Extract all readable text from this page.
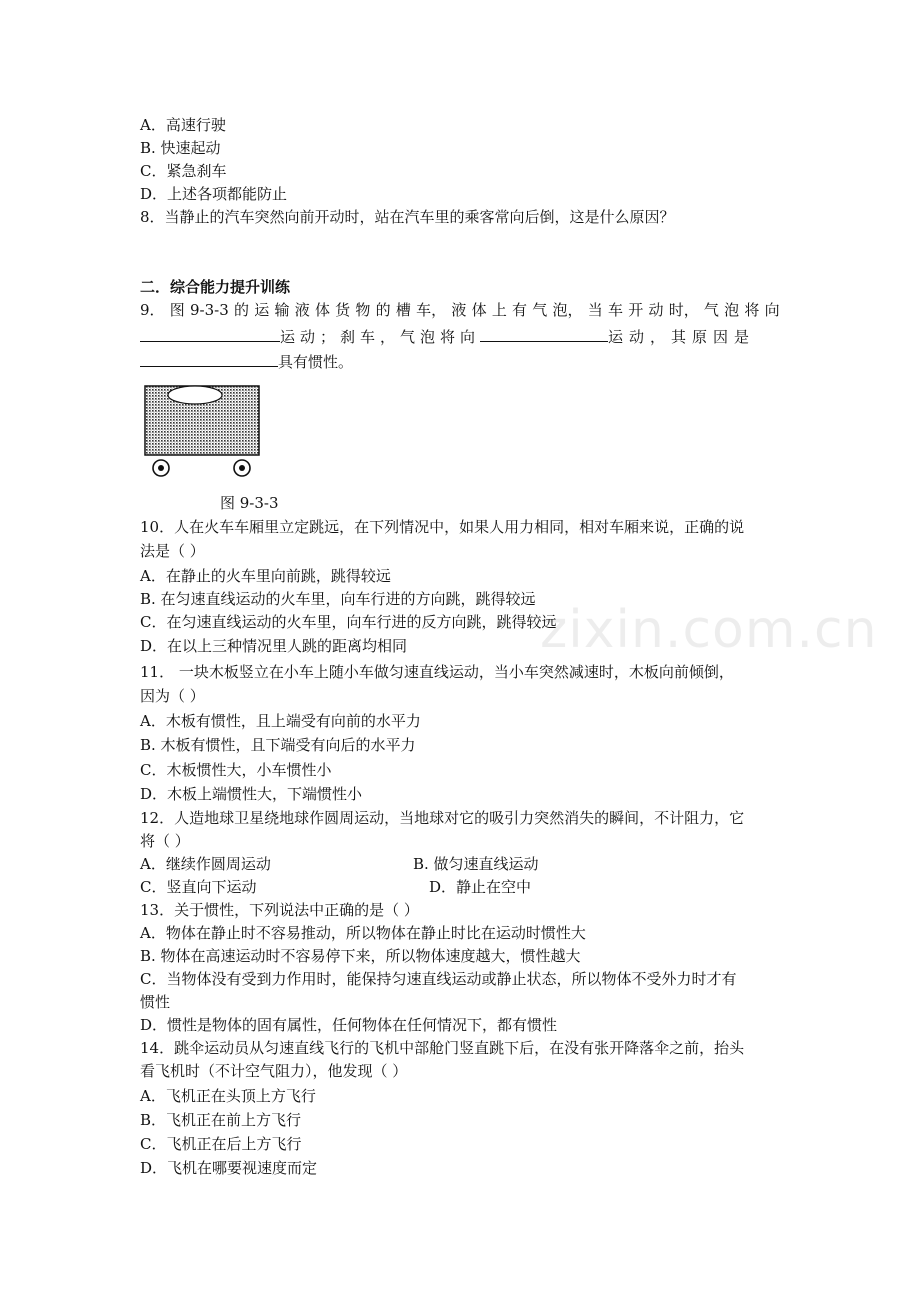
A．高速行驶
B. 快速起动
C．紧急刹车
D．上述各项都能防止
8．当静止的汽车突然向前开动时，站在汽车里的乘客常向后倒，这是什么原因？
二．综合能力提升训练
9． 图 9-3-3 的 运 输 液 体 货 物 的 槽 车， 液 体 上 有 气 泡， 当 车 开 动 时， 气 泡 将 向
运动；刹车，气泡将向	运动，其原因是
具有惯性。
图 9-3-3
10．人在火车车厢里立定跳远，在下列情况中，如果人用力相同，相对车厢来说，正确的说
法是（ ）
A．在静止的火车里向前跳，跳得较远
B. 在匀速直线运动的火车里，向车行进的方向跳，跳得较远
C．在匀速直线运动的火车里，向车行进的反方向跳，跳得较远
D．在以上三种情况里人跳的距离均相同
11． 一块木板竖立在小车上随小车做匀速直线运动，当小车突然减速时，木板向前倾倒，
因为（ ）
A．木板有惯性，且上端受有向前的水平力
B. 木板有惯性，且下端受有向后的水平力
C．木板惯性大，小车惯性小
D．木板上端惯性大，下端惯性小
12．人造地球卫星绕地球作圆周运动，当地球对它的吸引力突然消失的瞬间，不计阻力，它
将（ ）
A．继续作圆周运动	B. 做匀速直线运动
C．竖直向下运动	D．静止在空中
13．关于惯性，下列说法中正确的是（ ）
A．物体在静止时不容易推动，所以物体在静止时比在运动时惯性大
B. 物体在高速运动时不容易停下来，所以物体速度越大，惯性越大
C．当物体没有受到力作用时，能保持匀速直线运动或静止状态，所以物体不受外力时才有
惯性
D．惯性是物体的固有属性，任何物体在任何情况下，都有惯性
14．跳伞运动员从匀速直线飞行的飞机中部舱门竖直跳下后，在没有张开降落伞之前，抬头
看飞机时（不计空气阻力），他发现（ ）
A．飞机正在头顶上方飞行
B．飞机正在前上方飞行
C．飞机正在后上方飞行
D．飞机在哪要视速度而定
zixin.com.cn
